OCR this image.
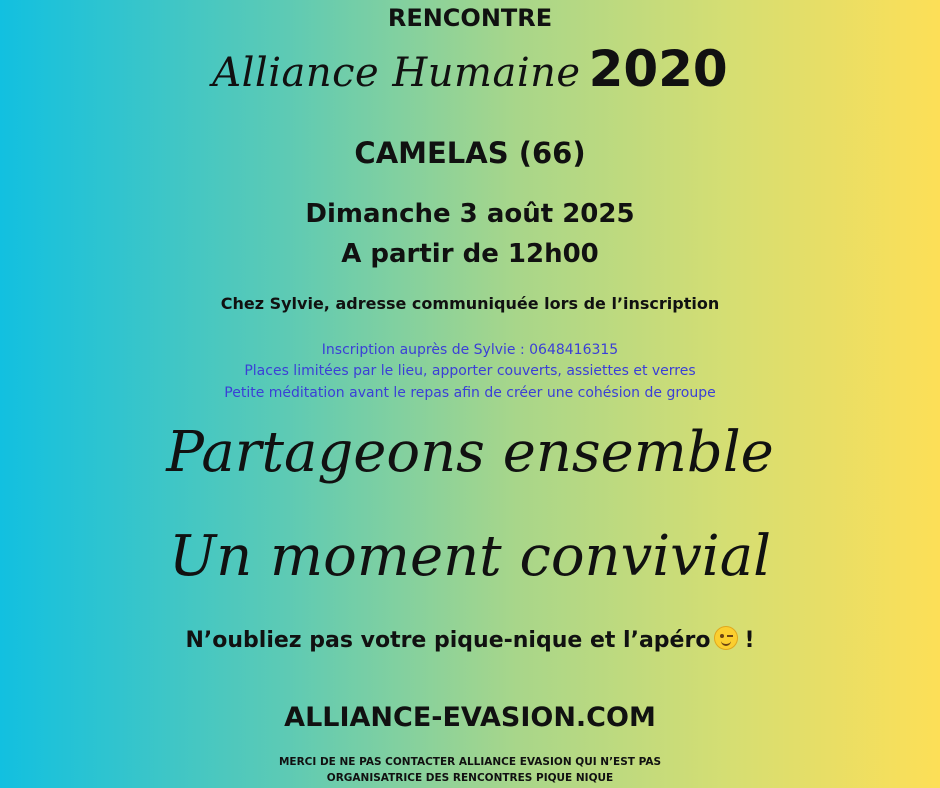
RENCONTRE

Alliance Humaine 2020

CAMELAS (66)

Dimanche 3 août 2025

A partir de 12h00

Chez Sylvie, adresse communiquée lors de l’inscription

Inscription auprès de Sylvie : 0648416315

Places limitées par le lieu, apporter couverts, assiettes et verres

Petite méditation avant le repas afin de créer une cohésion de groupe

Partageons ensemble

Un moment convivial

N’oubliez pas votre pique-nique et l’apéro !

ALLIANCE-EVASION.COM

MERCI DE NE PAS CONTACTER ALLIANCE EVASION QUI N’EST PAS

ORGANISATRICE DES RENCONTRES PIQUE NIQUE
